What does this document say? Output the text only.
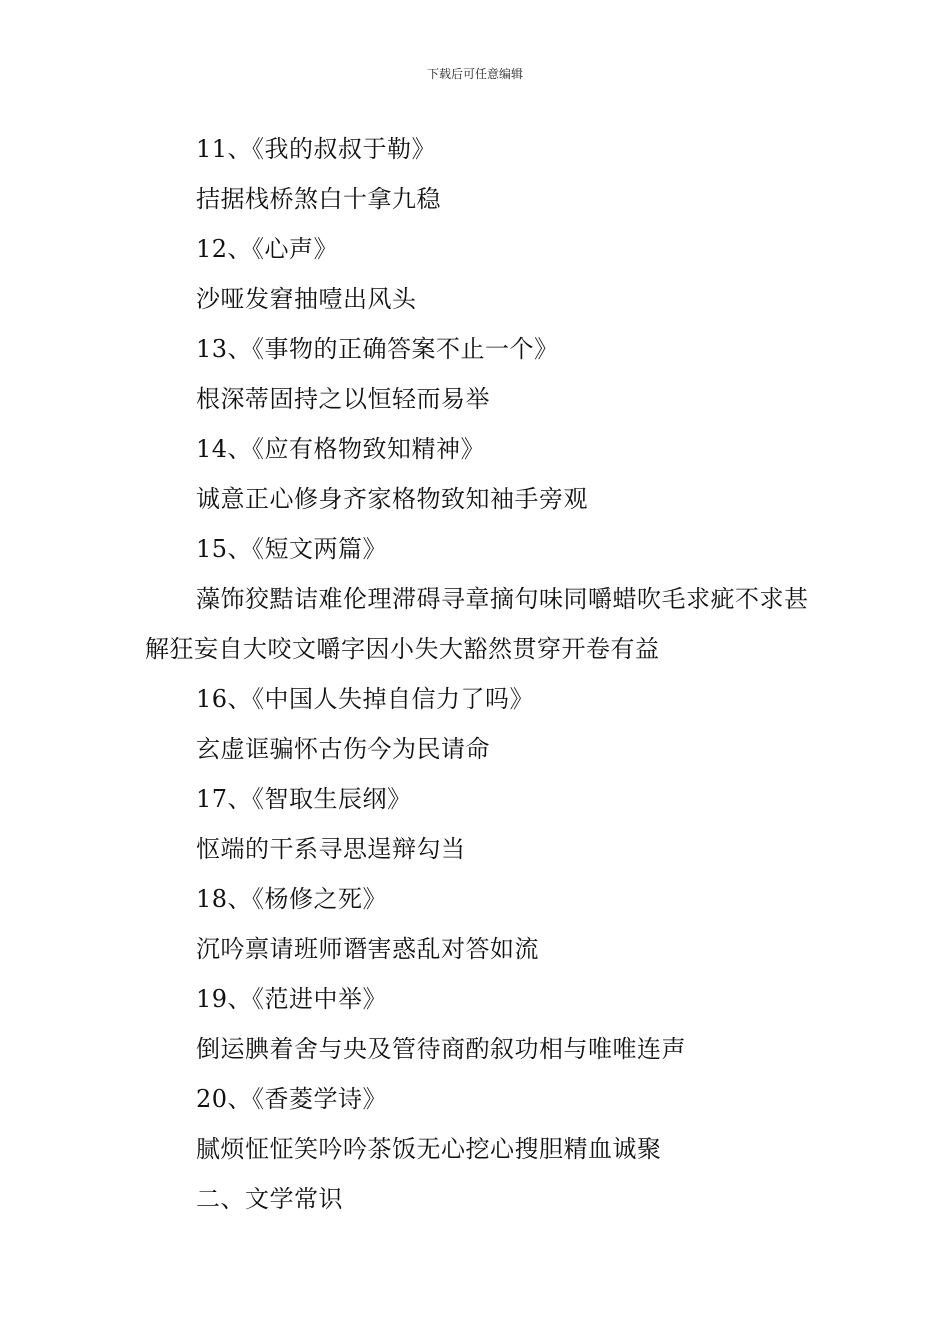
下载后可任意编辑

11、《我的叔叔于勒》

拮据栈桥煞白十拿九稳

12、《心声》

沙哑发窘抽噎出风头

13、《事物的正确答案不止一个》

根深蒂固持之以恒轻而易举

14、《应有格物致知精神》

诚意正心修身齐家格物致知袖手旁观

15、《短文两篇》

藻饰狡黠诘难伦理滞碍寻章摘句味同嚼蜡吹毛求疵不求甚解狂妄自大咬文嚼字因小失大豁然贯穿开卷有益

16、《中国人失掉自信力了吗》

玄虚诓骗怀古伤今为民请命

17、《智取生辰纲》

怄端的干系寻思逞辩勾当

18、《杨修之死》

沉吟禀请班师谮害惑乱对答如流

19、《范进中举》

倒运腆着舍与央及管待商酌叙功相与唯唯连声

20、《香菱学诗》

腻烦怔怔笑吟吟茶饭无心挖心搜胆精血诚聚

二、文学常识
